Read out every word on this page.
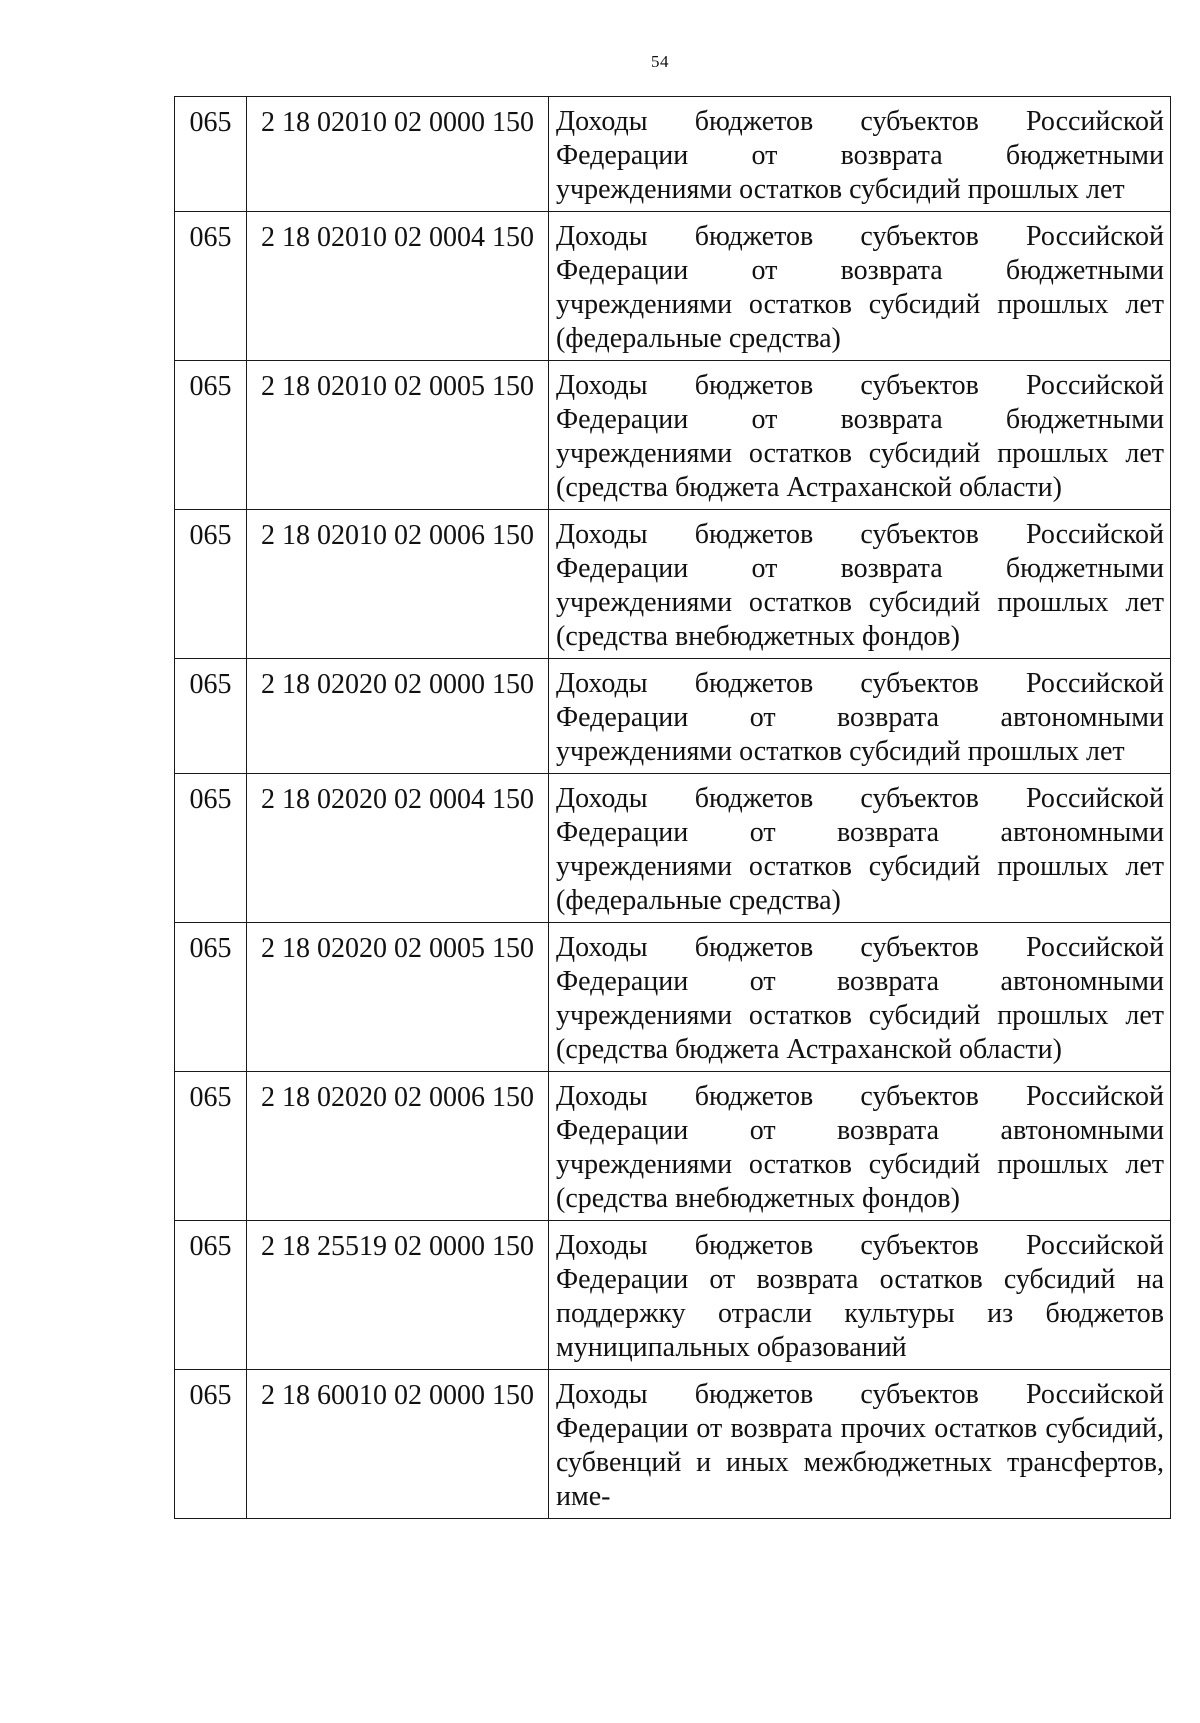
54
065	2 18 02010 02 0000 150	Доходы бюджетов субъектов Российской Федерации от возврата бюджетными учреждениями остатков субсидий прошлых лет
065	2 18 02010 02 0004 150	Доходы бюджетов субъектов Российской Федерации от возврата бюджетными учреждениями остатков субсидий прошлых лет (федеральные средства)
065	2 18 02010 02 0005 150	Доходы бюджетов субъектов Российской Федерации от возврата бюджетными учреждениями остатков субсидий прошлых лет (средства бюджета Астраханской области)
065	2 18 02010 02 0006 150	Доходы бюджетов субъектов Российской Федерации от возврата бюджетными учреждениями остатков субсидий прошлых лет (средства внебюджетных фондов)
065	2 18 02020 02 0000 150	Доходы бюджетов субъектов Российской Федерации от возврата автономными учреждениями остатков субсидий прошлых лет
065	2 18 02020 02 0004 150	Доходы бюджетов субъектов Российской Федерации от возврата автономными учреждениями остатков субсидий прошлых лет (федеральные средства)
065	2 18 02020 02 0005 150	Доходы бюджетов субъектов Российской Федерации от возврата автономными учреждениями остатков субсидий прошлых лет (средства бюджета Астраханской области)
065	2 18 02020 02 0006 150	Доходы бюджетов субъектов Российской Федерации от возврата автономными учреждениями остатков субсидий прошлых лет (средства внебюджетных фондов)
065	2 18 25519 02 0000 150	Доходы бюджетов субъектов Российской Федерации от возврата остатков субсидий на поддержку отрасли культуры из бюджетов муниципальных образований
065	2 18 60010 02 0000 150	Доходы бюджетов субъектов Российской Федерации от возврата прочих остатков субсидий, субвенций и иных межбюджетных трансфертов, име-
